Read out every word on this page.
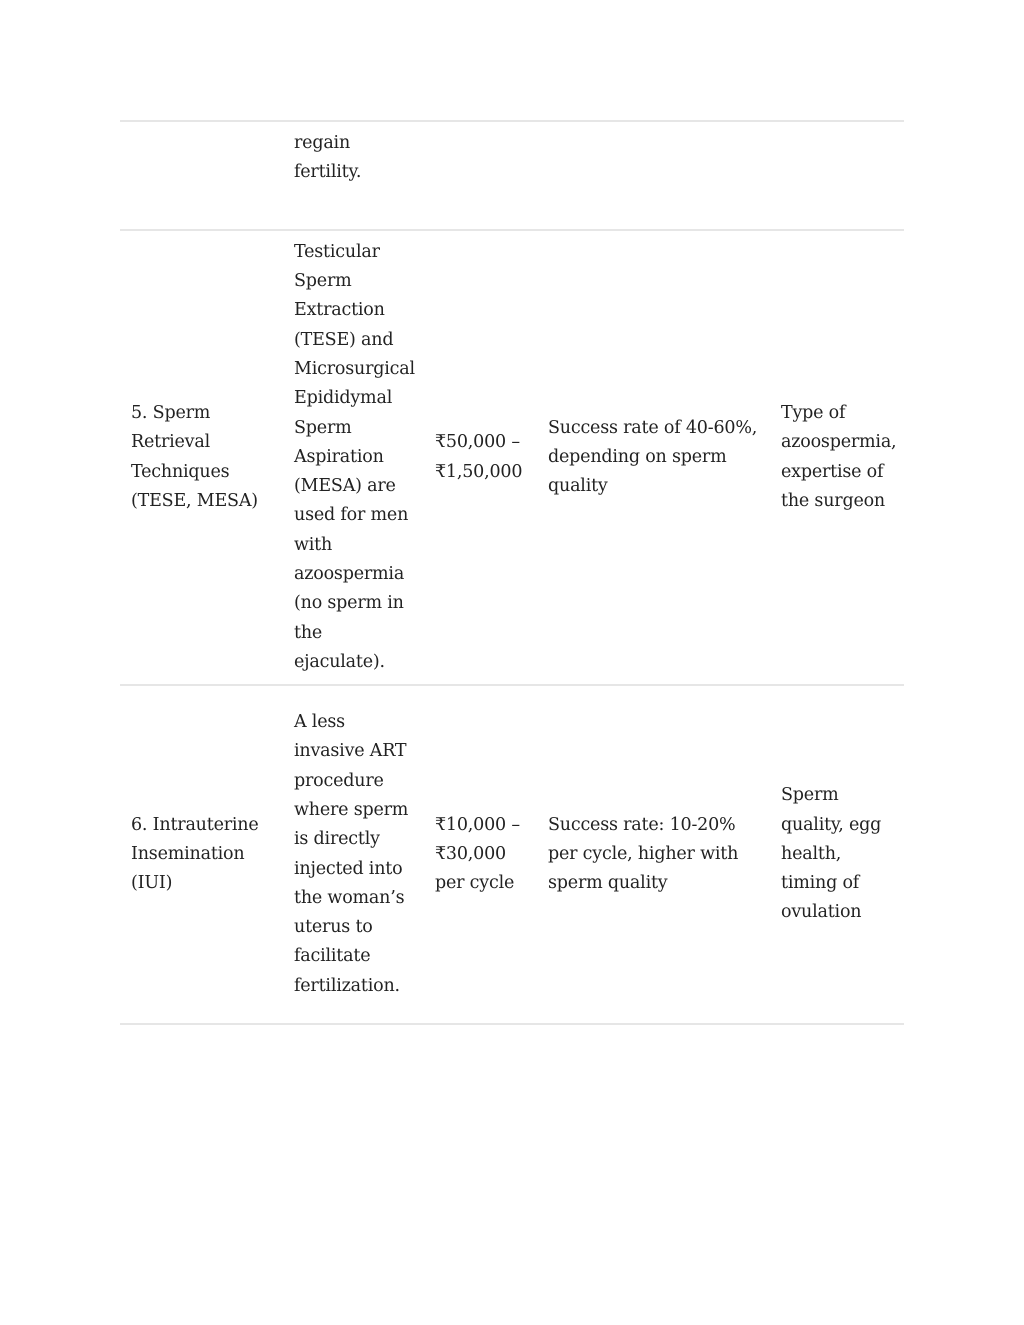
	regain fertility.			

5. Sperm Retrieval Techniques (TESE, MESA)	Testicular Sperm Extraction (TESE) and Microsurgical Epididymal Sperm Aspiration (MESA) are used for men with azoospermia (no sperm in the ejaculate).	₹50,000 – ₹1,50,000	Success rate of 40-60%, depending on sperm quality	Type of azoospermia, expertise of the surgeon

6. Intrauterine Insemination (IUI)	A less invasive ART procedure where sperm is directly injected into the woman’s uterus to facilitate fertilization.	₹10,000 – ₹30,000 per cycle	Success rate: 10-20% per cycle, higher with sperm quality	Sperm quality, egg health, timing of ovulation
